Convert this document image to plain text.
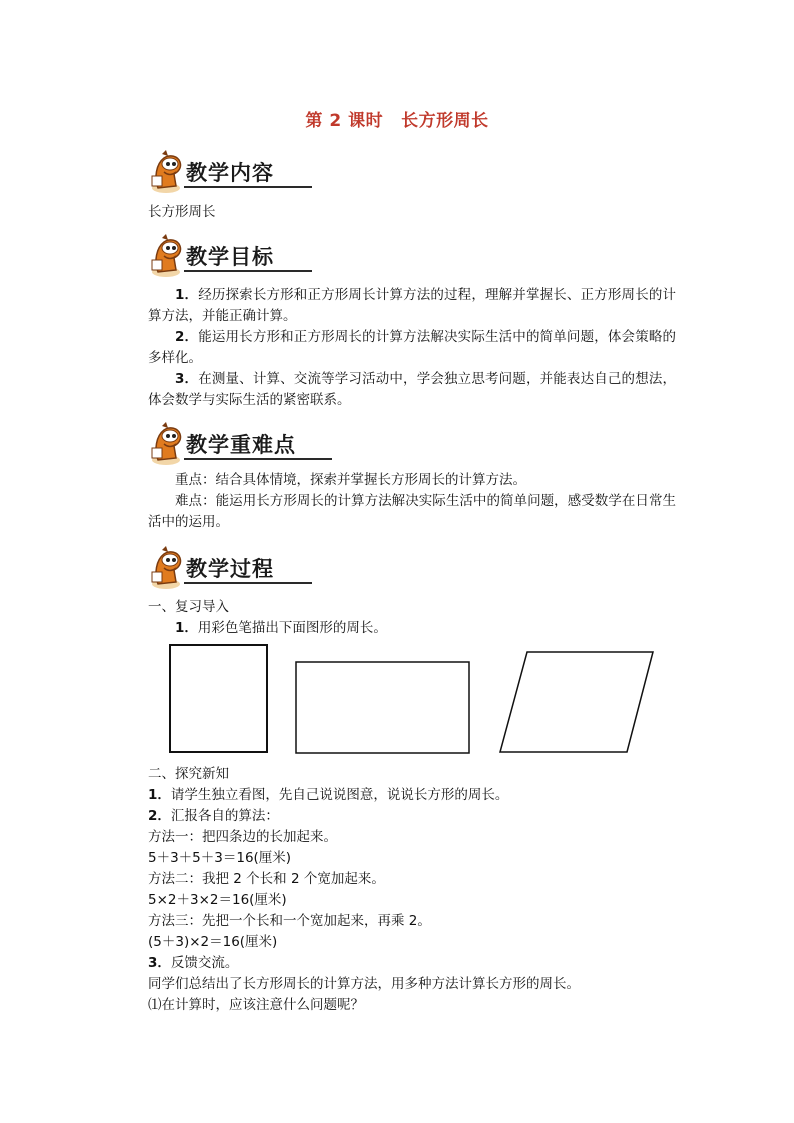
第 2 课时 长方形周长
教学内容
长方形周长
教学目标

1．经历探索长方形和正方形周长计算方法的过程，理解并掌握长、正方形周长的计算方法，并能正确计算。

2．能运用长方形和正方形周长的计算方法解决实际生活中的简单问题，体会策略的多样化。

3．在测量、计算、交流等学习活动中，学会独立思考问题，并能表达自己的想法，体会数学与实际生活的紧密联系。

教学重难点

重点：结合具体情境，探索并掌握长方形周长的计算方法。

难点：能运用长方形周长的计算方法解决实际生活中的简单问题，感受数学在日常生活中的运用。

教学过程
一、复习导入
1．用彩色笔描出下面图形的周长。
二、探究新知
1．请学生独立看图，先自己说说图意，说说长方形的周长。
2．汇报各自的算法：
方法一：把四条边的长加起来。
5＋3＋5＋3＝16(厘米)
方法二：我把 2 个长和 2 个宽加起来。
5×2＋3×2＝16(厘米)
方法三：先把一个长和一个宽加起来，再乘 2。
(5＋3)×2＝16(厘米)
3．反馈交流。
同学们总结出了长方形周长的计算方法，用多种方法计算长方形的周长。
⑴在计算时，应该注意什么问题呢？
